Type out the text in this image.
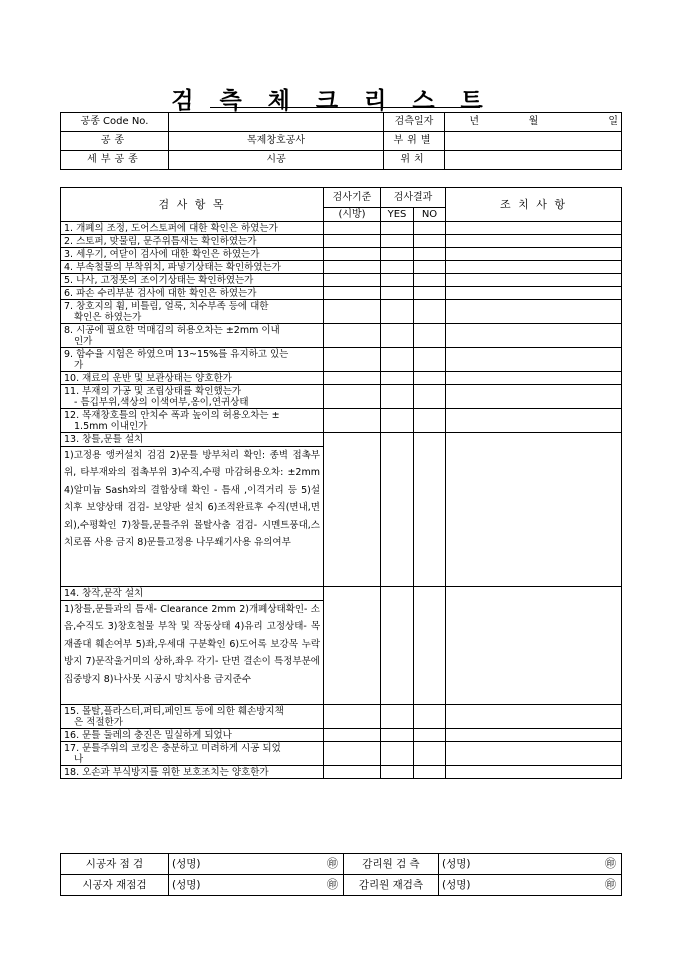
검측체크리스트
공종 Code No.		검측일자	년	월	일
공종	목제창호공사	부위별			
세부공종	시공	위치			
검 사 항 목	검사기준	검사결과		조 치 사 항
	(시방)	YES	NO	

1. 개폐의 조정, 도어스토퍼에 대한 확인은 하였는가				

2. 스토퍼, 맞물림, 문주위틈새는 확인하였는가				

3. 세우기, 여닫이 검사에 대한 확인은 하였는가				

4. 부속철물의 부착위치, 파넣기상태는 확인하였는가				

5. 나사, 고정못의 조이기상태는 확인하였는가				

6. 파손 수리부분 검사에 대한 확인은 하였는가				

7. 창호지의 휨, 비틀림, 얼룩, 치수부족 등에 대한
확인은 하였는가				

8. 시공에 필요한 먹매김의 허용오차는 ±2mm 이내
인가				

9. 함수율 시험은 하였으며 13~15%를 유지하고 있는
가				

10. 재료의 운반 및 보관상태는 양호한가				

11. 부재의 가공 및 조립상태를 확인했는가
- 틈깁부위,색상의 이색여부,옹이,연귀상태				

12. 목재창호틀의 안치수 폭과 높이의 허용오차는 ±
1.5mm 이내인가				

13. 창틀,문틀 설치				
1)고정용 앵커설치 검검 2)문틀 방부처리 확인: 종벽 접촉부위, 타부재와의 접촉부위 3)수직,수평 마감허용오차: ±2mm 4)알미늄 Sash와의 결합상태 확인 - 틈새 ,이격거리 등 5)설치후 보양상태 검검- 보양판 설치 6)조적완료후 수직(면내,면외),수평확인 7)창틀,문틀주위 몰탈사춤 검검- 시멘트풍대,스치로폼 사용 금지 8)문틀고정용 나무쐐기사용 유의여부				
14. 창작,문작 설치				
1)창틀,문틀과의 틈새- Clearance 2mm 2)개폐상태확인- 소음,수직도 3)창호철물 부착 및 작동상태 4)유리 고정상태- 목재졸대 훼손여부 5)좌,우세대 구분확인 6)도어록 보강목 누락방지 7)문작울거미의 상하,좌우 각기- 단면 결손이 특정부분에 집중방지 8)나사못 시공시 망치사용 금지준수				

15. 몰탈,플라스터,퍼티,페인트 등에 의한 훼손방지책
은 적절한가				

16. 문틀 둘레의 충진은 밀실하게 되었나				

17. 문틀주위의 코킹은 충분하고 미려하게 시공 되었
나				

18. 오손과 부식방지를 위한 보호조치는 양호한가				

시공자 점 검	(성명) ㊞	감리원 검 측	(성명) ㊞

시공자 재점검	(성명) ㊞	감리원 재검측	(성명) ㊞
